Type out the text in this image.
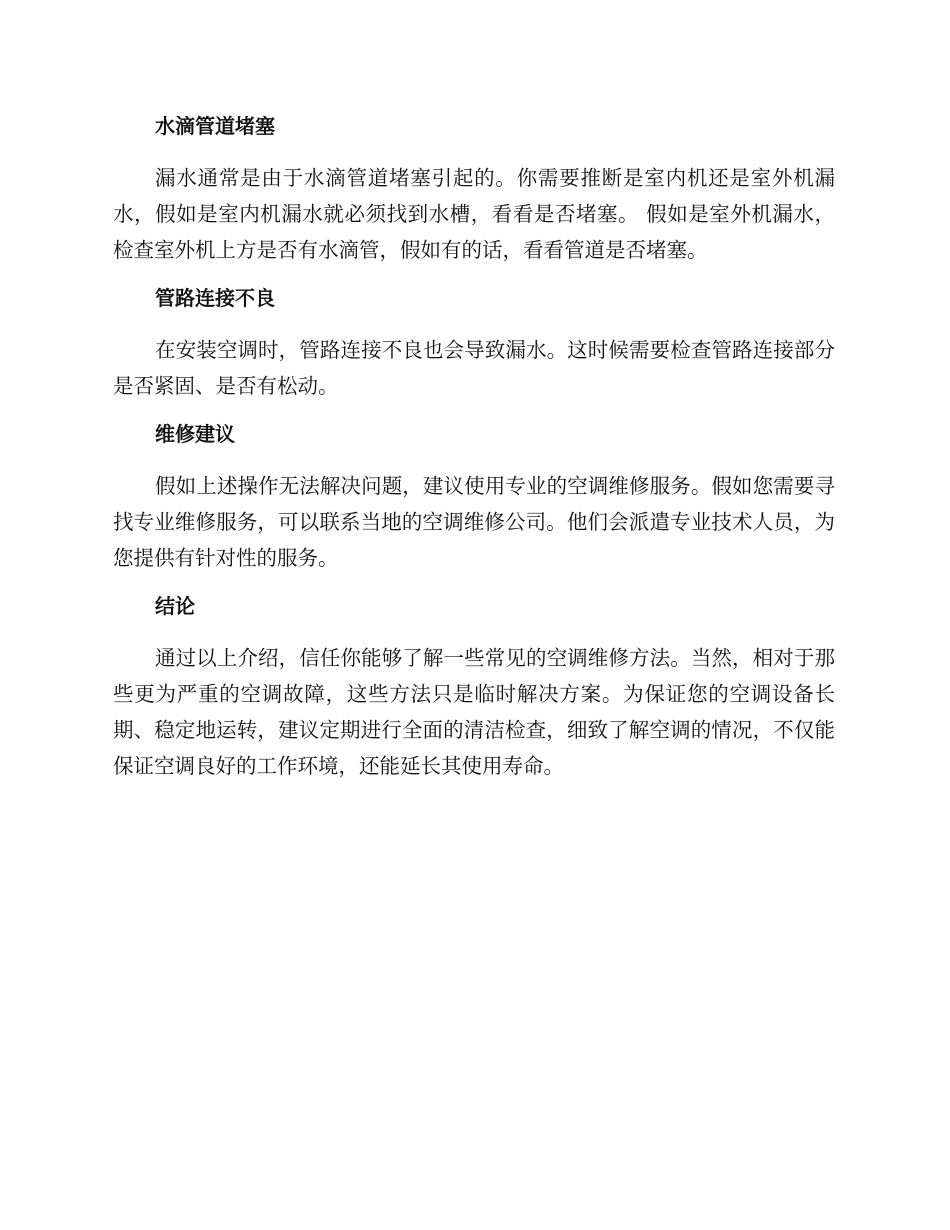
水滴管道堵塞

漏水通常是由于水滴管道堵塞引起的。你需要推断是室内机还是室外机漏水，假如是室内机漏水就必须找到水槽，看看是否堵塞。 假如是室外机漏水，检查室外机上方是否有水滴管，假如有的话，看看管道是否堵塞。

管路连接不良

在安装空调时，管路连接不良也会导致漏水。这时候需要检查管路连接部分是否紧固、是否有松动。

维修建议

假如上述操作无法解决问题，建议使用专业的空调维修服务。假如您需要寻找专业维修服务，可以联系当地的空调维修公司。他们会派遣专业技术人员，为您提供有针对性的服务。

结论

通过以上介绍，信任你能够了解一些常见的空调维修方法。当然，相对于那些更为严重的空调故障，这些方法只是临时解决方案。为保证您的空调设备长期、稳定地运转，建议定期进行全面的清洁检查，细致了解空调的情况，不仅能保证空调良好的工作环境，还能延长其使用寿命。
